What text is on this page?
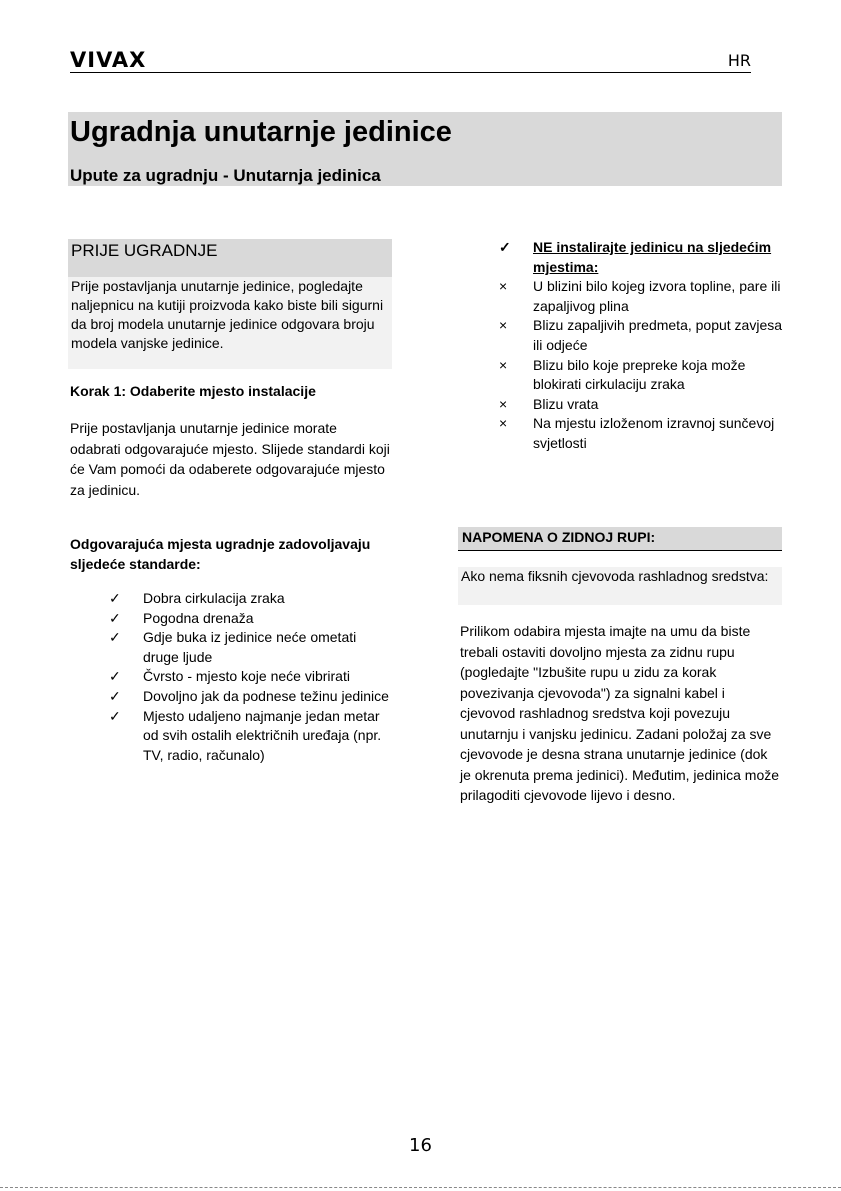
VIVAX	HR
Ugradnja unutarnje jedinice
Upute za ugradnju - Unutarnja jedinica
PRIJE UGRADNJE

Prije postavljanja unutarnje jedinice, pogledajte naljepnicu na kutiji proizvoda kako biste bili sigurni da broj modela unutarnje jedinice odgovara broju modela vanjske jedinice.

Korak 1: Odaberite mjesto instalacije

Prije postavljanja unutarnje jedinice morate odabrati odgovarajuće mjesto. Slijede standardi koji će Vam pomoći da odaberete odgovarajuće mjesto za jedinicu.

Odgovarajuća mjesta ugradnje zadovoljavaju sljedeće standarde:
✓	Dobra cirkulacija zraka
✓	Pogodna drenaža
✓	Gdje buka iz jedinice neće ometati druge ljude
✓	Čvrsto - mjesto koje neće vibrirati
✓	Dovoljno jak da podnese težinu jedinice
✓	Mjesto udaljeno najmanje jedan metar od svih ostalih električnih uređaja (npr. TV, radio, računalo)
✓	NE instalirajte jedinicu na sljedećim mjestima:
×	U blizini bilo kojeg izvora topline, pare ili zapaljivog plina
×	Blizu zapaljivih predmeta, poput zavjesa ili odjeće
×	Blizu bilo koje prepreke koja može blokirati cirkulaciju zraka
×	Blizu vrata
×	Na mjestu izloženom izravnoj sunčevoj svjetlosti
NAPOMENA O ZIDNOJ RUPI:

Ako nema fiksnih cjevovoda rashladnog sredstva:

Prilikom odabira mjesta imajte na umu da biste trebali ostaviti dovoljno mjesta za zidnu rupu (pogledajte "Izbušite rupu u zidu za korak povezivanja cjevovoda") za signalni kabel i cjevovod rashladnog sredstva koji povezuju unutarnju i vanjsku jedinicu. Zadani položaj za sve cjevovode je desna strana unutarnje jedinice (dok je okrenuta prema jedinici). Međutim, jedinica može prilagoditi cjevovode lijevo i desno.

16
